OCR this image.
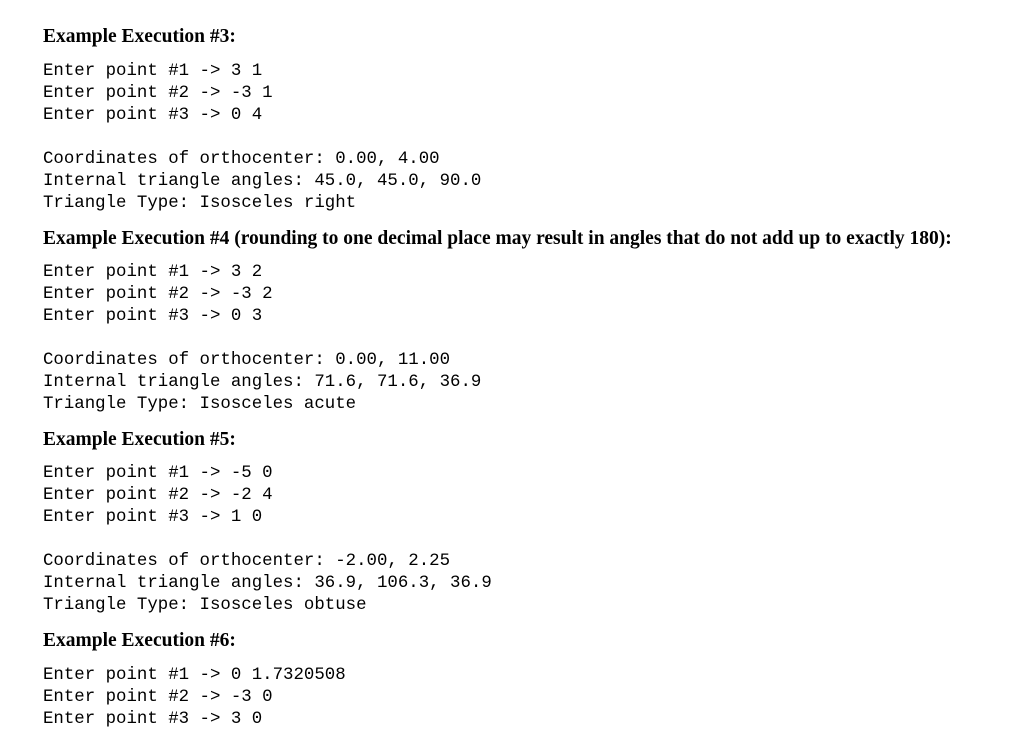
Example Execution #3:
Enter point #1 -> 3 1
Enter point #2 -> -3 1
Enter point #3 -> 0 4
Coordinates of orthocenter: 0.00, 4.00
Internal triangle angles: 45.0, 45.0, 90.0
Triangle Type: Isosceles right
Example Execution #4 (rounding to one decimal place may result in angles that do not add up to exactly 180):
Enter point #1 -> 3 2
Enter point #2 -> -3 2
Enter point #3 -> 0 3
Coordinates of orthocenter: 0.00, 11.00
Internal triangle angles: 71.6, 71.6, 36.9
Triangle Type: Isosceles acute
Example Execution #5:
Enter point #1 -> -5 0
Enter point #2 -> -2 4
Enter point #3 -> 1 0
Coordinates of orthocenter: -2.00, 2.25
Internal triangle angles: 36.9, 106.3, 36.9
Triangle Type: Isosceles obtuse
Example Execution #6:
Enter point #1 -> 0 1.7320508
Enter point #2 -> -3 0
Enter point #3 -> 3 0
